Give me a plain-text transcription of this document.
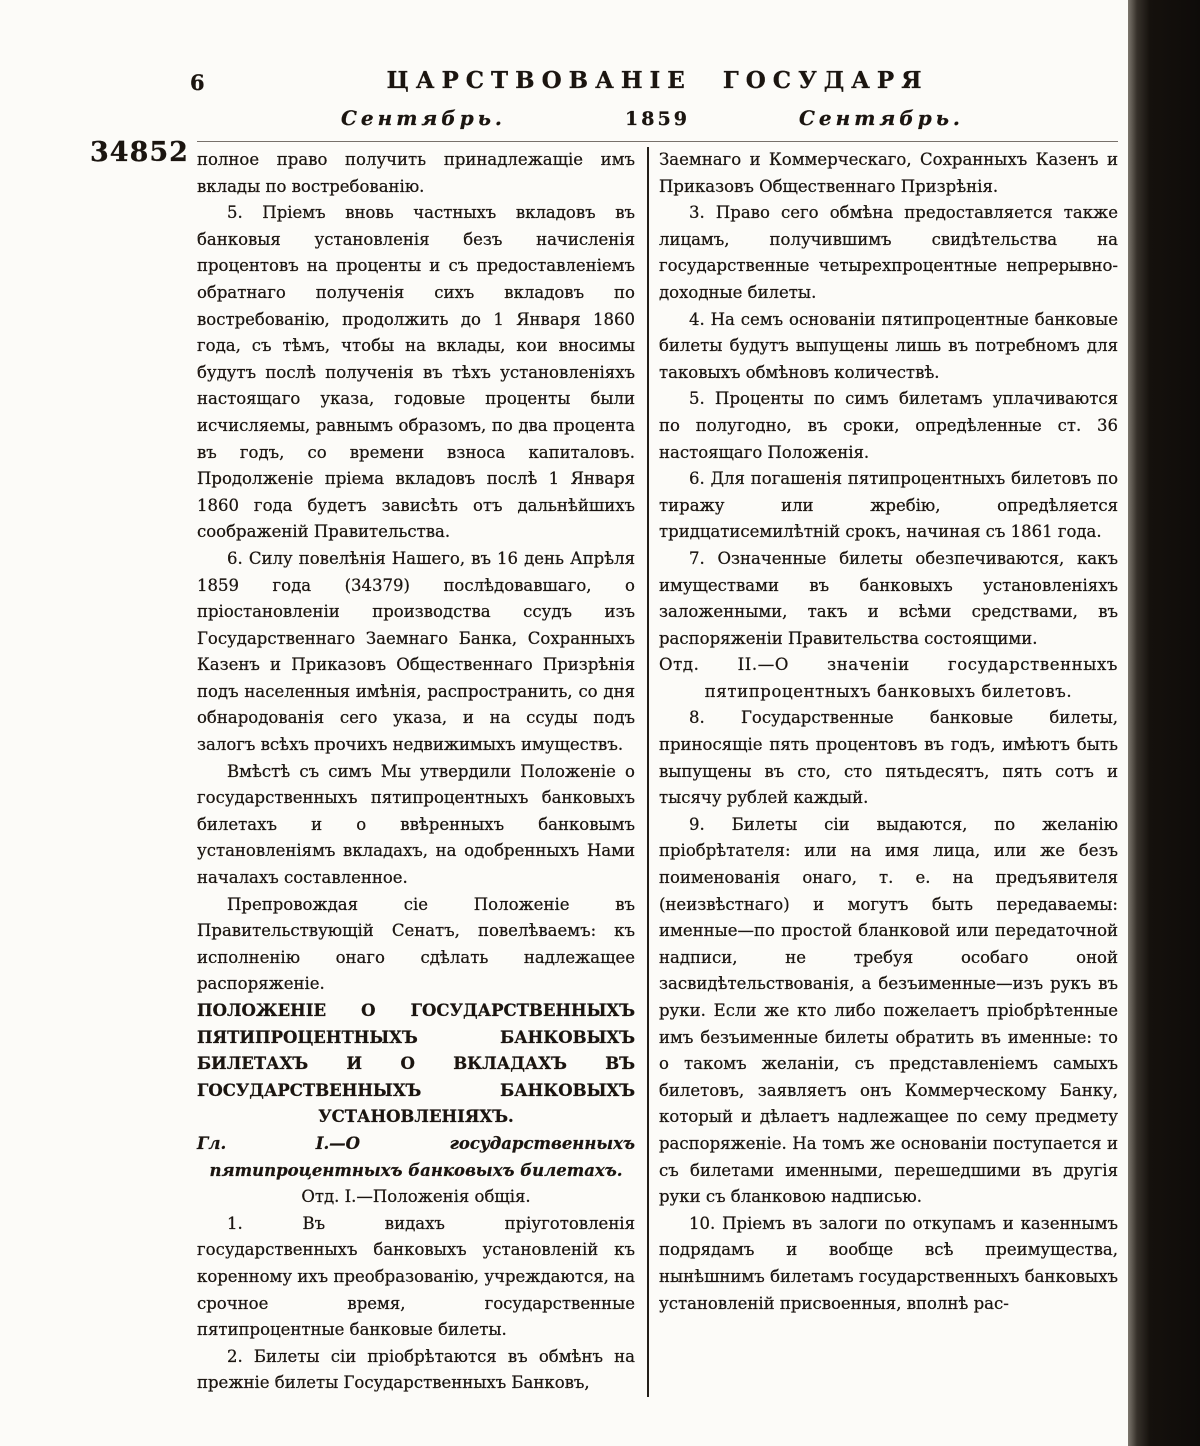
6	ЦАРСТВОВАНІЕ ГОСУДАРЯ
Сентябрь.	1859	Сентябрь.
34852 полное право получить принадлежащіе имъ вклады по востребованію.

5. Пріемъ вновь частныхъ вкладовъ въ банковыя установленія безъ начисленія процентовъ на проценты и съ предоставленіемъ обратнаго полученія сихъ вкладовъ по востребованію, продолжить до 1 Января 1860 года, съ тѣмъ, чтобы на вклады, кои вносимы будутъ послѣ полученія въ тѣхъ установленіяхъ настоящаго указа, годовые проценты были исчисляемы, равнымъ образомъ, по два процента въ годъ, со времени взноса капиталовъ. Продолженіе пріема вкладовъ послѣ 1 Января 1860 года будетъ зависѣть отъ дальнѣйшихъ соображеній Правительства.

6. Силу повелѣнія Нашего, въ 16 день Апрѣля 1859 года (34379) послѣдовавшаго, о пріостановленіи производства ссудъ изъ Государственнаго Заемнаго Банка, Сохранныхъ Казенъ и Приказовъ Общественнаго Призрѣнія подъ населенныя имѣнія, распространить, со дня обнародованія сего указа, и на ссуды подъ залогъ всѣхъ прочихъ недвижимыхъ имуществъ.

Вмѣстѣ съ симъ Мы утвердили Положеніе о государственныхъ пятипроцентныхъ банковыхъ билетахъ и о ввѣренныхъ банковымъ установленіямъ вкладахъ, на одобренныхъ Нами началахъ составленное.

Препровождая сіе Положеніе въ Правительствующій Сенатъ, повелѣваемъ: къ исполненію онаго сдѣлать надлежащее распоряженіе.

ПОЛОЖЕНІЕ О ГОСУДАРСТВЕННЫХЪ ПЯТИПРОЦЕНТНЫХЪ БАНКОВЫХЪ БИЛЕТАХЪ И О ВКЛАДАХЪ ВЪ ГОСУДАРСТВЕННЫХЪ БАНКОВЫХЪ УСТАНОВЛЕНІЯХЪ.

Гл. I.—О государственныхъ пятипроцентныхъ банковыхъ билетахъ.

Отд. I.—Положенія общія.

1. Въ видахъ пріуготовленія государственныхъ банковыхъ установленій къ коренному ихъ преобразованію, учреждаются, на срочное время, государственные пятипроцентные банковые билеты.

2. Билеты сіи пріобрѣтаются въ обмѣнъ на прежніе билеты Государственныхъ Банковъ,

Заемнаго и Коммерческаго, Сохранныхъ Казенъ и Приказовъ Общественнаго Призрѣнія.

3. Право сего обмѣна предоставляется также лицамъ, получившимъ свидѣтельства на государственные четырехпроцентные непрерывно-доходные билеты.

4. На семъ основаніи пятипроцентные банковые билеты будутъ выпущены лишь въ потребномъ для таковыхъ обмѣновъ количествѣ.

5. Проценты по симъ билетамъ уплачиваются по полугодно, въ сроки, опредѣленные ст. 36 настоящаго Положенія.

6. Для погашенія пятипроцентныхъ билетовъ по тиражу или жребію, опредѣляется тридцатисемилѣтній срокъ, начиная съ 1861 года.

7. Означенные билеты обезпечиваются, какъ имуществами въ банковыхъ установленіяхъ заложенными, такъ и всѣми средствами, въ распоряженіи Правительства состоящими.

Отд. II.—О значеніи государственныхъ пятипроцентныхъ банковыхъ билетовъ.

8. Государственные банковые билеты, приносящіе пять процентовъ въ годъ, имѣютъ быть выпущены въ сто, сто пятьдесятъ, пять сотъ и тысячу рублей каждый.

9. Билеты сіи выдаются, по желанію пріобрѣтателя: или на имя лица, или же безъ поименованія онаго, т. е. на предъявителя (неизвѣстнаго) и могутъ быть передаваемы: именные—по простой бланковой или передаточной надписи, не требуя особаго оной засвидѣтельствованія, а безъименные—изъ рукъ въ руки. Если же кто либо пожелаетъ пріобрѣтенные имъ безъименные билеты обратить въ именные: то о такомъ желаніи, съ представленіемъ самыхъ билетовъ, заявляетъ онъ Коммерческому Банку, который и дѣлаетъ надлежащее по сему предмету распоряженіе. На томъ же основаніи поступается и съ билетами именными, перешедшими въ другія руки съ бланковою надписью.

10. Пріемъ въ залоги по откупамъ и казеннымъ подрядамъ и вообще всѣ преимущества, нынѣшнимъ билетамъ государственныхъ банковыхъ установленій присвоенныя, вполнѣ рас-
